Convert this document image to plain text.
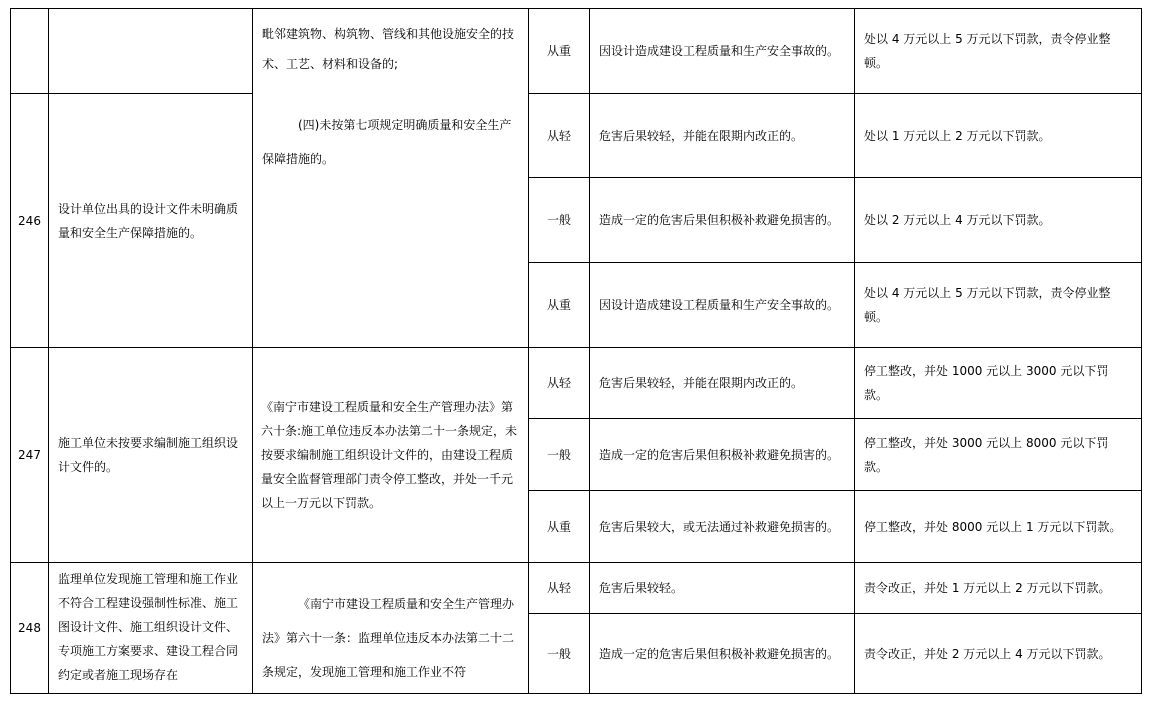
毗邻建筑物、构筑物、管线和其他设施安全的技术、工艺、材料和设备的;
从重 因设计造成建设工程质量和生产安全事故的。
处以 4 万元以上 5 万元以下罚款，责令停业整顿。
246
设计单位出具的设计文件未明确质量和安全生产保障措施的。
(四)未按第七项规定明确质量和安全生产保障措施的。
从轻 危害后果较轻，并能在限期内改正的。	处以 1 万元以上 2 万元以下罚款。
一般 造成一定的危害后果但积极补救避免损害的。 处以 2 万元以上 4 万元以下罚款。
从重 因设计造成建设工程质量和生产安全事故的。
处以 4 万元以上 5 万元以下罚款，责令停业整顿。
247
施工单位未按要求编制施工组织设计文件的。
《南宁市建设工程质量和安全生产管理办法》第六十条:施工单位违反本办法第二十一条规定，未按要求编制施工组织设计文件的，由建设工程质量安全监督管理部门责令停工整改，并处一千元以上一万元以下罚款。
从轻 危害后果较轻，并能在限期内改正的。
停工整改，并处 1000 元以上 3000 元以下罚款。
一般 造成一定的危害后果但积极补救避免损害的。
停工整改，并处 3000 元以上 8000 元以下罚款。
从重 危害后果较大，或无法通过补救避免损害的。 停工整改，并处 8000 元以上 1 万元以下罚款。
248
监理单位发现施工管理和施工作业不符合工程建设强制性标准、施工图设计文件、施工组织设计文件、专项施工方案要求、建设工程合同约定或者施工现场存在
《南宁市建设工程质量和安全生产管理办法》第六十一条：监理单位违反本办法第二十二条规定，发现施工管理和施工作业不符
从轻 危害后果较轻。	责令改正，并处 1 万元以上 2 万元以下罚款。
一般 造成一定的危害后果但积极补救避免损害的。 责令改正，并处 2 万元以上 4 万元以下罚款。
